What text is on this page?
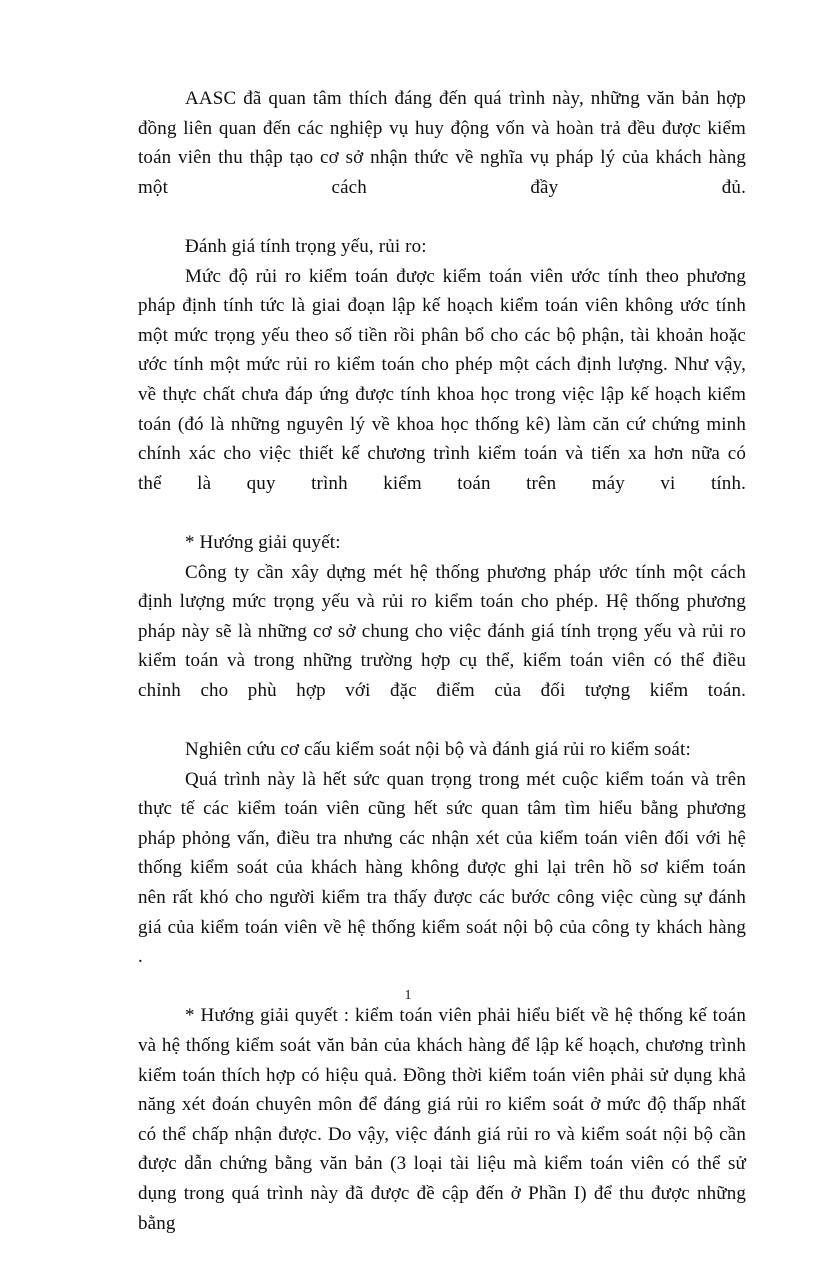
AASC đã quan tâm thích đáng đến quá trình này, những văn bản hợp đồng liên quan đến các nghiệp vụ huy động vốn và hoàn trả đều được kiểm toán viên thu thập tạo cơ sở nhận thức về nghĩa vụ pháp lý của khách hàng một cách đầy đủ.

Đánh giá tính trọng yếu, rủi ro:

Mức độ rủi ro kiểm toán được kiểm toán viên ước tính theo phương pháp định tính tức là giai đoạn lập kế hoạch kiểm toán viên không ước tính một mức trọng yếu theo số tiền rồi phân bổ cho các bộ phận, tài khoản hoặc ước tính một mức rủi ro kiểm toán cho phép một cách định lượng. Như vậy, về thực chất chưa đáp ứng được tính khoa học trong việc lập kế hoạch kiểm toán (đó là những nguyên lý về khoa học thống kê) làm căn cứ chứng minh chính xác cho việc thiết kế chương trình kiểm toán và tiến xa hơn nữa có thể là quy trình kiểm toán trên máy vi tính.

* Hướng giải quyết:

Công ty cần xây dựng mét hệ thống phương pháp ước tính một cách định lượng mức trọng yếu và rủi ro kiểm toán cho phép. Hệ thống phương pháp này sẽ là những cơ sở chung cho việc đánh giá tính trọng yếu và rủi ro kiểm toán và trong những trường hợp cụ thể, kiểm toán viên có thể điều chỉnh cho phù hợp với đặc điểm của đối tượng kiểm toán.

Nghiên cứu cơ cấu kiểm soát nội bộ và đánh giá rủi ro kiểm soát:

Quá trình này là hết sức quan trọng trong mét cuộc kiểm toán và trên thực tế các kiểm toán viên cũng hết sức quan tâm tìm hiểu bằng phương pháp phỏng vấn, điều tra nhưng các nhận xét của kiểm toán viên đối với hệ thống kiểm soát của khách hàng không được ghi lại trên hồ sơ kiểm toán nên rất khó cho người kiểm tra thấy được các bước công việc cùng sự đánh giá của kiểm toán viên về hệ thống kiểm soát nội bộ của công ty khách hàng .

* Hướng giải quyết : kiểm toán viên phải hiểu biết về hệ thống kế toán và hệ thống kiểm soát văn bản của khách hàng để lập kế hoạch, chương trình kiểm toán thích hợp có hiệu quả. Đồng thời kiểm toán viên phải sử dụng khả năng xét đoán chuyên môn để đáng giá rủi ro kiểm soát ở mức độ thấp nhất có thể chấp nhận được. Do vậy, việc đánh giá rủi ro và kiểm soát nội bộ cần được dẫn chứng bằng văn bản (3 loại tài liệu mà kiểm toán viên có thể sử dụng trong quá trình này đã được đề cập đến ở Phần I) để thu được những bằng

1
